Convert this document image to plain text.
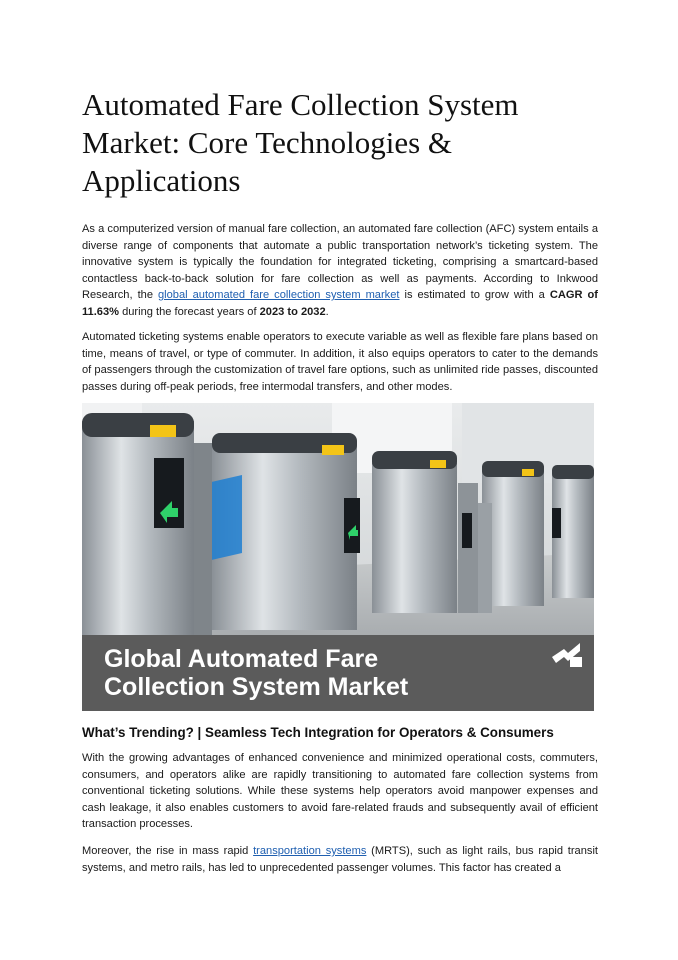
Automated Fare Collection System Market: Core Technologies & Applications

As a computerized version of manual fare collection, an automated fare collection (AFC) system entails a diverse range of components that automate a public transportation network’s ticketing system. The innovative system is typically the foundation for integrated ticketing, comprising a smartcard-based contactless back-to-back solution for fare collection as well as payments. According to Inkwood Research, the global automated fare collection system market is estimated to grow with a CAGR of 11.63% during the forecast years of 2023 to 2032.

Automated ticketing systems enable operators to execute variable as well as flexible fare plans based on time, means of travel, or type of commuter. In addition, it also equips operators to cater to the demands of passengers through the customization of travel fare options, such as unlimited ride passes, discounted passes during off-peak periods, free intermodal transfers, and other modes.

Global Automated Fare
Collection System Market
What’s Trending? | Seamless Tech Integration for Operators & Consumers

With the growing advantages of enhanced convenience and minimized operational costs, commuters, consumers, and operators alike are rapidly transitioning to automated fare collection systems from conventional ticketing solutions. While these systems help operators avoid manpower expenses and cash leakage, it also enables customers to avoid fare-related frauds and subsequently avail of efficient transaction processes.

Moreover, the rise in mass rapid transportation systems (MRTS), such as light rails, bus rapid transit systems, and metro rails, has led to unprecedented passenger volumes. This factor has created a
